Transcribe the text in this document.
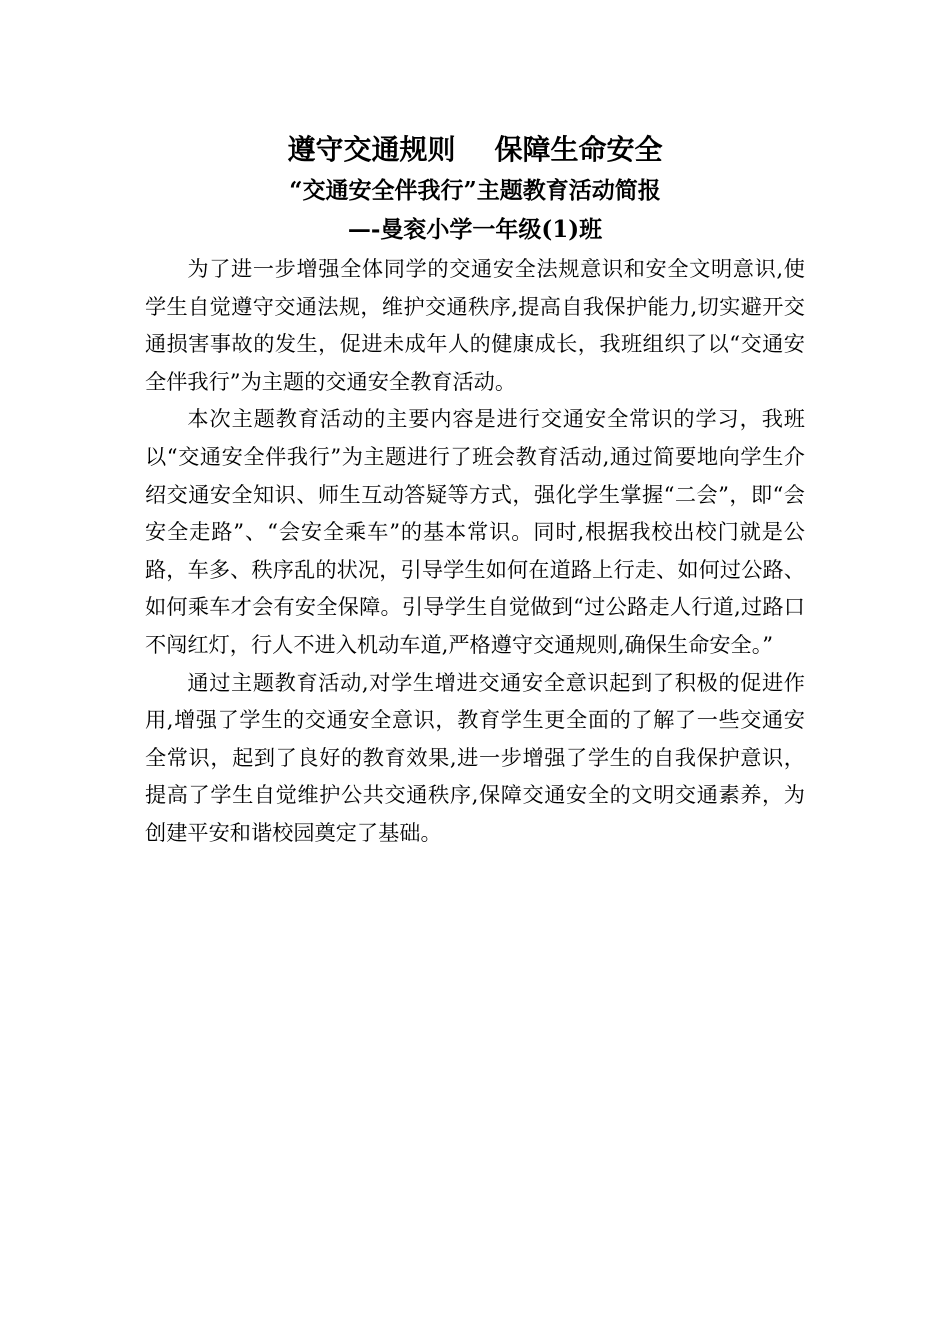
遵守交通规则    保障生命安全
“交通安全伴我行”主题教育活动简报
—-曼衮小学一年级(1)班

为了进一步增强全体同学的交通安全法规意识和安全文明意识,使学生自觉遵守交通法规，维护交通秩序,提高自我保护能力,切实避开交通损害事故的发生，促进未成年人的健康成长，我班组织了以“交通安全伴我行”为主题的交通安全教育活动。

本次主题教育活动的主要内容是进行交通安全常识的学习，我班以“交通安全伴我行”为主题进行了班会教育活动,通过简要地向学生介绍交通安全知识、师生互动答疑等方式，强化学生掌握“二会”，即“会安全走路”、“会安全乘车”的基本常识。同时,根据我校出校门就是公路，车多、秩序乱的状况，引导学生如何在道路上行走、如何过公路、如何乘车才会有安全保障。引导学生自觉做到“过公路走人行道,过路口不闯红灯，行人不进入机动车道,严格遵守交通规则,确保生命安全。”

通过主题教育活动,对学生增进交通安全意识起到了积极的促进作用,增强了学生的交通安全意识，教育学生更全面的了解了一些交通安全常识，起到了良好的教育效果,进一步增强了学生的自我保护意识，提高了学生自觉维护公共交通秩序,保障交通安全的文明交通素养，为创建平安和谐校园奠定了基础。
